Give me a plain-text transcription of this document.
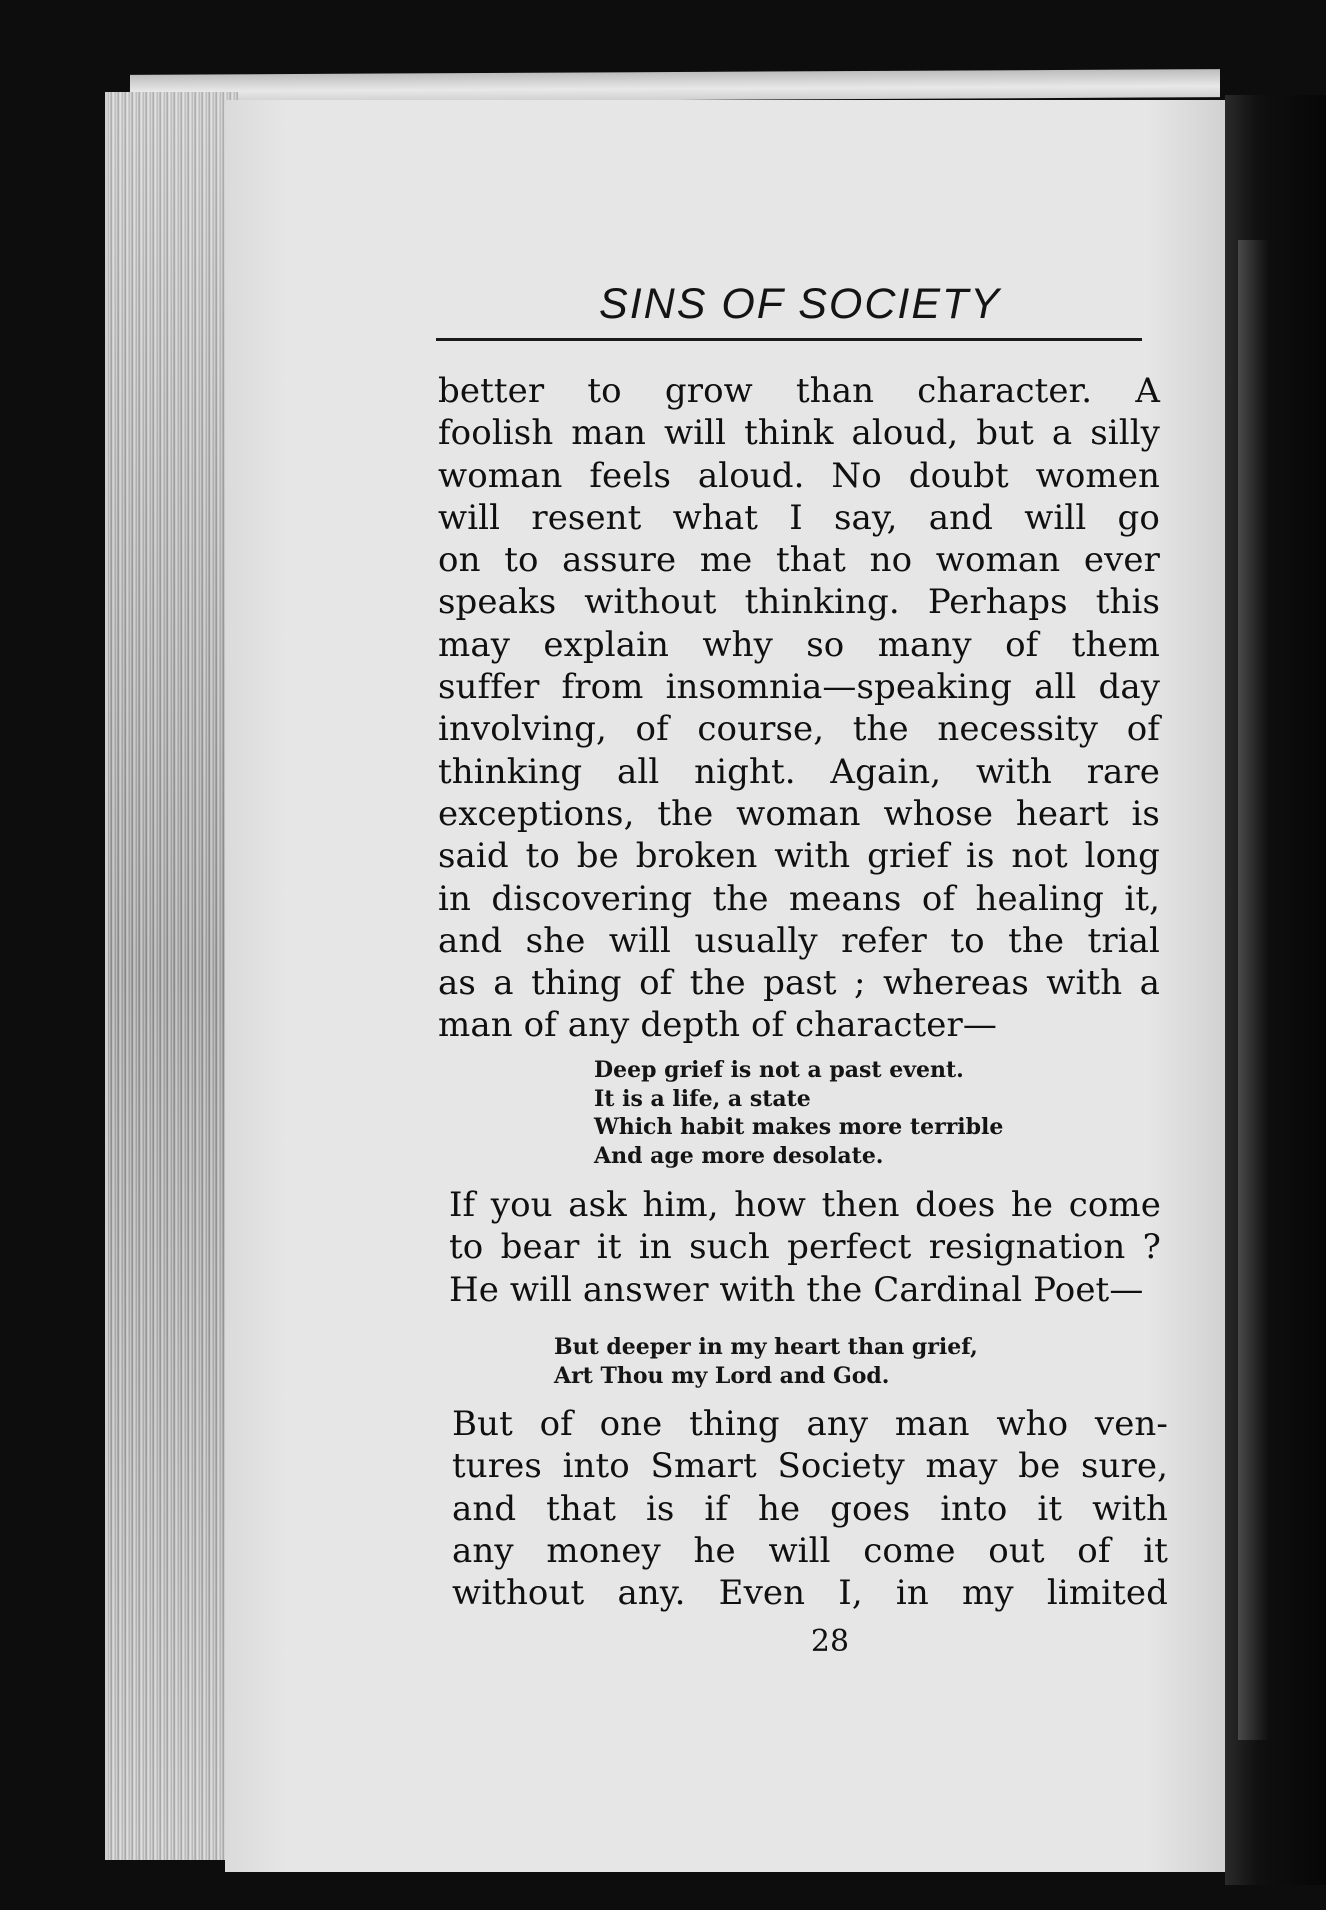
SINS OF SOCIETY
better to grow than character. A
foolish man will think aloud, but a silly
woman feels aloud. No doubt women
will resent what I say, and will go
on to assure me that no woman ever
speaks without thinking. Perhaps this
may explain why so many of them
suffer from insomnia—speaking all day
involving, of course, the necessity of
thinking all night. Again, with rare
exceptions, the woman whose heart is
said to be broken with grief is not long
in discovering the means of healing it,
and she will usually refer to the trial
as a thing of the past ; whereas with a
man of any depth of character—
Deep grief is not a past event.
It is a life, a state
Which habit makes more terrible
And age more desolate.
If you ask him, how then does he come
to bear it in such perfect resignation ?
He will answer with the Cardinal Poet—
But deeper in my heart than grief,
Art Thou my Lord and God.
But of one thing any man who ven-
tures into Smart Society may be sure,
and that is if he goes into it with
any money he will come out of it
without any. Even I, in my limited
28
